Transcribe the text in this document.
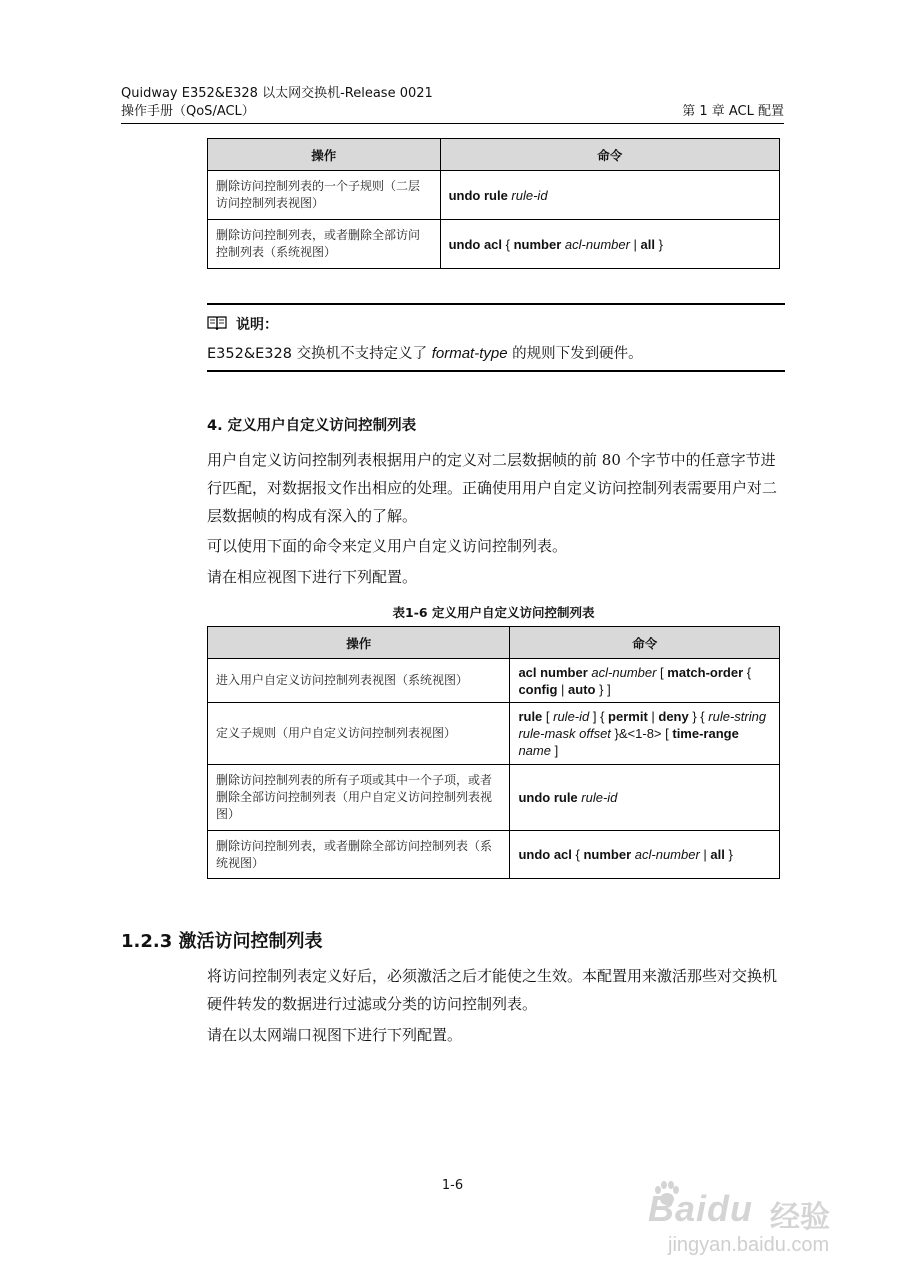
Quidway E352&E328 以太网交换机-Release 0021
操作手册（QoS/ACL）	第 1 章 ACL 配置
操作	命令
删除访问控制列表的一个子规则（二层访问控制列表视图）	undo rule rule-id
删除访问控制列表，或者删除全部访问控制列表（系统视图）	undo acl { number acl-number | all }
说明：
E352&E328 交换机不支持定义了 format-type 的规则下发到硬件。
4. 定义用户自定义访问控制列表
用户自定义访问控制列表根据用户的定义对二层数据帧的前 80 个字节中的任意字节进行匹配，对数据报文作出相应的处理。正确使用用户自定义访问控制列表需要用户对二层数据帧的构成有深入的了解。
可以使用下面的命令来定义用户自定义访问控制列表。
请在相应视图下进行下列配置。
表1-6 定义用户自定义访问控制列表
操作	命令
进入用户自定义访问控制列表视图（系统视图）	acl number acl-number [ match-order { config | auto } ]
定义子规则（用户自定义访问控制列表视图）	rule [ rule-id ] { permit | deny } { rule-string rule-mask offset }&<1-8> [ time-range name ]
删除访问控制列表的所有子项或其中一个子项，或者删除全部访问控制列表（用户自定义访问控制列表视图）	undo rule rule-id
删除访问控制列表，或者删除全部访问控制列表（系统视图）	undo acl { number acl-number | all }
1.2.3 激活访问控制列表
将访问控制列表定义好后，必须激活之后才能使之生效。本配置用来激活那些对交换机硬件转发的数据进行过滤或分类的访问控制列表。
请在以太网端口视图下进行下列配置。
1-6
Baidu 经验
jingyan.baidu.com
